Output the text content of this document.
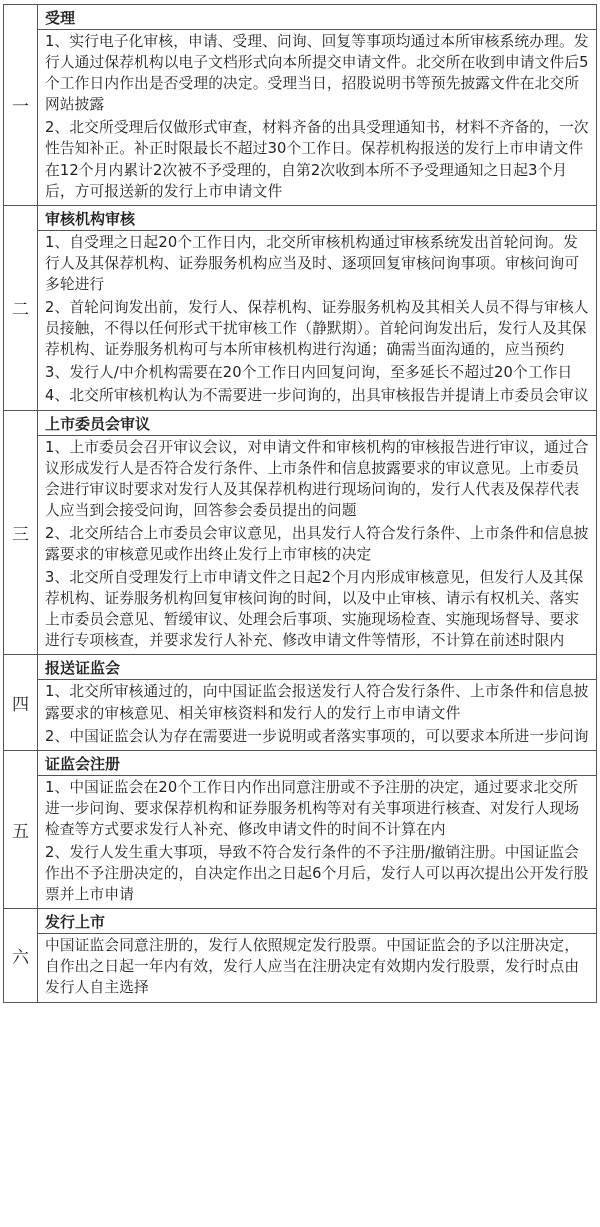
一	受理
1、实行电子化审核，申请、受理、问询、回复等事项均通过本所审核系统办理。发行人通过保荐机构以电子文档形式向本所提交申请文件。北交所在收到申请文件后5个工作日内作出是否受理的决定。受理当日，招股说明书等预先披露文件在北交所网站披露
2、北交所受理后仅做形式审查，材料齐备的出具受理通知书，材料不齐备的，一次性告知补正。补正时限最长不超过30个工作日。保荐机构报送的发行上市申请文件在12个月内累计2次被不予受理的，自第2次收到本所不予受理通知之日起3个月后，方可报送新的发行上市申请文件

二	审核机构审核
1、自受理之日起20个工作日内，北交所审核机构通过审核系统发出首轮问询。发行人及其保荐机构、证券服务机构应当及时、逐项回复审核问询事项。审核问询可多轮进行
2、首轮问询发出前，发行人、保荐机构、证券服务机构及其相关人员不得与审核人员接触，不得以任何形式干扰审核工作（静默期）。首轮问询发出后，发行人及其保荐机构、证券服务机构可与本所审核机构进行沟通；确需当面沟通的，应当预约
3、发行人/中介机构需要在20个工作日内回复问询，至多延长不超过20个工作日
4、北交所审核机构认为不需要进一步问询的，出具审核报告并提请上市委员会审议

三	上市委员会审议
1、上市委员会召开审议会议，对申请文件和审核机构的审核报告进行审议，通过合议形成发行人是否符合发行条件、上市条件和信息披露要求的审议意见。上市委员会进行审议时要求对发行人及其保荐机构进行现场问询的，发行人代表及保荐代表人应当到会接受问询，回答参会委员提出的问题
2、北交所结合上市委员会审议意见，出具发行人符合发行条件、上市条件和信息披露要求的审核意见或作出终止发行上市审核的决定
3、北交所自受理发行上市申请文件之日起2个月内形成审核意见，但发行人及其保荐机构、证券服务机构回复审核问询的时间，以及中止审核、请示有权机关、落实上市委员会意见、暂缓审议、处理会后事项、实施现场检查、实施现场督导、要求进行专项核查，并要求发行人补充、修改申请文件等情形，不计算在前述时限内

四	报送证监会
1、北交所审核通过的，向中国证监会报送发行人符合发行条件、上市条件和信息披露要求的审核意见、相关审核资料和发行人的发行上市申请文件
2、中国证监会认为存在需要进一步说明或者落实事项的，可以要求本所进一步问询

五	证监会注册
1、中国证监会在20个工作日内作出同意注册或不予注册的决定，通过要求北交所进一步问询、要求保荐机构和证券服务机构等对有关事项进行核查、对发行人现场检查等方式要求发行人补充、修改申请文件的时间不计算在内
2、发行人发生重大事项，导致不符合发行条件的不予注册/撤销注册。中国证监会作出不予注册决定的，自决定作出之日起6个月后，发行人可以再次提出公开发行股票并上市申请

六	发行上市
中国证监会同意注册的，发行人依照规定发行股票。中国证监会的予以注册决定，自作出之日起一年内有效，发行人应当在注册决定有效期内发行股票，发行时点由发行人自主选择
